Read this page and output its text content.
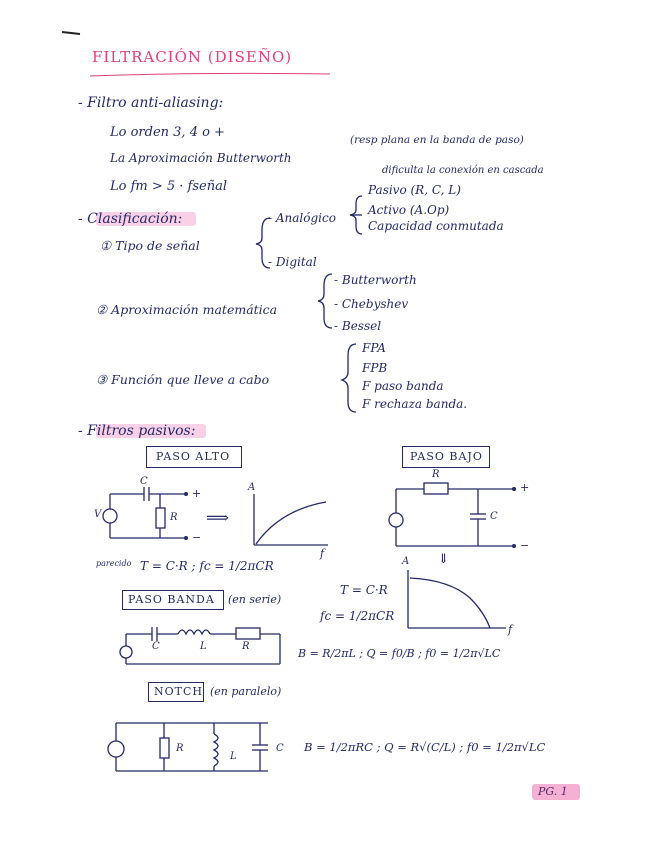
FILTRACIÓN (DISEÑO)
- Filtro anti-aliasing:
Lo orden 3, 4 o +
La Aproximación Butterworth
(resp plana en la banda de paso)
Lo fm > 5 · fseñal
- Clasificación:
① Tipo de señal
- Analógico
- Digital
dificulta la conexión en cascada
Pasivo (R, C, L)
Activo (A.Op)
Capacidad conmutada
② Aproximación matemática
- Butterworth
- Chebyshev
- Bessel
③ Función que lleve a cabo
FPA
FPB
F paso banda
F rechaza banda.
- Filtros pasivos:
PASO ALTO
C
R
V
+
−
⟹
A
f
parecido T = C·R ; fc = 1/2πCR
PASO BAJO
R
C
+
−
A ⇓
f
T = C·R
fc = 1/2πCR
PASO BANDA (en serie)
C	L	R
B = R/2πL ; Q = f0/B ; f0 = 1/2π√LC
NOTCH (en paralelo)
R
L
C B = 1/2πRC ; Q = R√(C/L) ; f0 = 1/2π√LC
PG. 1
